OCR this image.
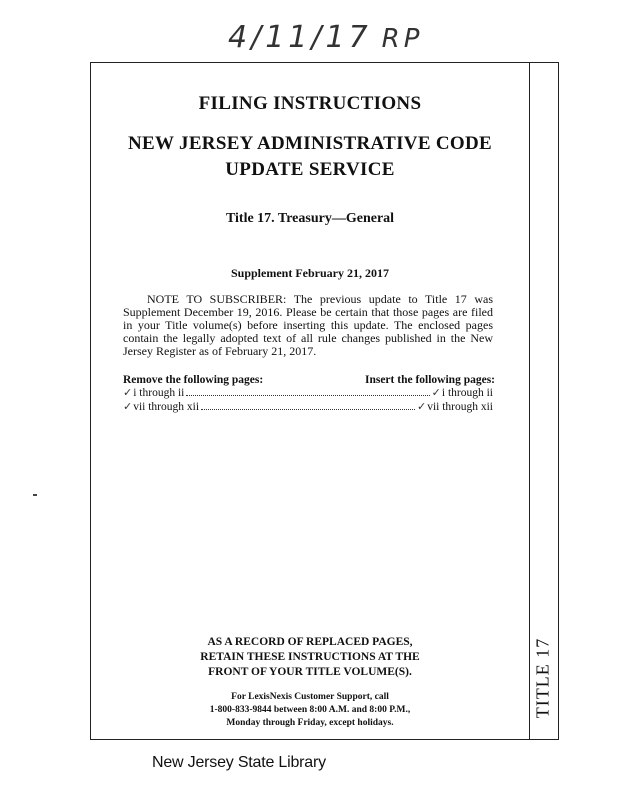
4/11/17 RP
FILING INSTRUCTIONS
NEW JERSEY ADMINISTRATIVE CODE
UPDATE SERVICE
Title 17. Treasury—General
Supplement February 21, 2017
NOTE TO SUBSCRIBER: The previous update to Title 17 was Supplement December 19, 2016. Please be certain that those pages are filed in your Title volume(s) before inserting this update. The enclosed pages contain the legally adopted text of all rule changes published in the New Jersey Register as of February 21, 2017.
Remove the following pages:	Insert the following pages:
✓ i through ii	✓ i through ii
✓ vii through xii	✓ vii through xii
AS A RECORD OF REPLACED PAGES,
RETAIN THESE INSTRUCTIONS AT THE
FRONT OF YOUR TITLE VOLUME(S).
For LexisNexis Customer Support, call
1-800-833-9844 between 8:00 A.M. and 8:00 P.M.,
Monday through Friday, except holidays.
TITLE 17
New Jersey State Library
